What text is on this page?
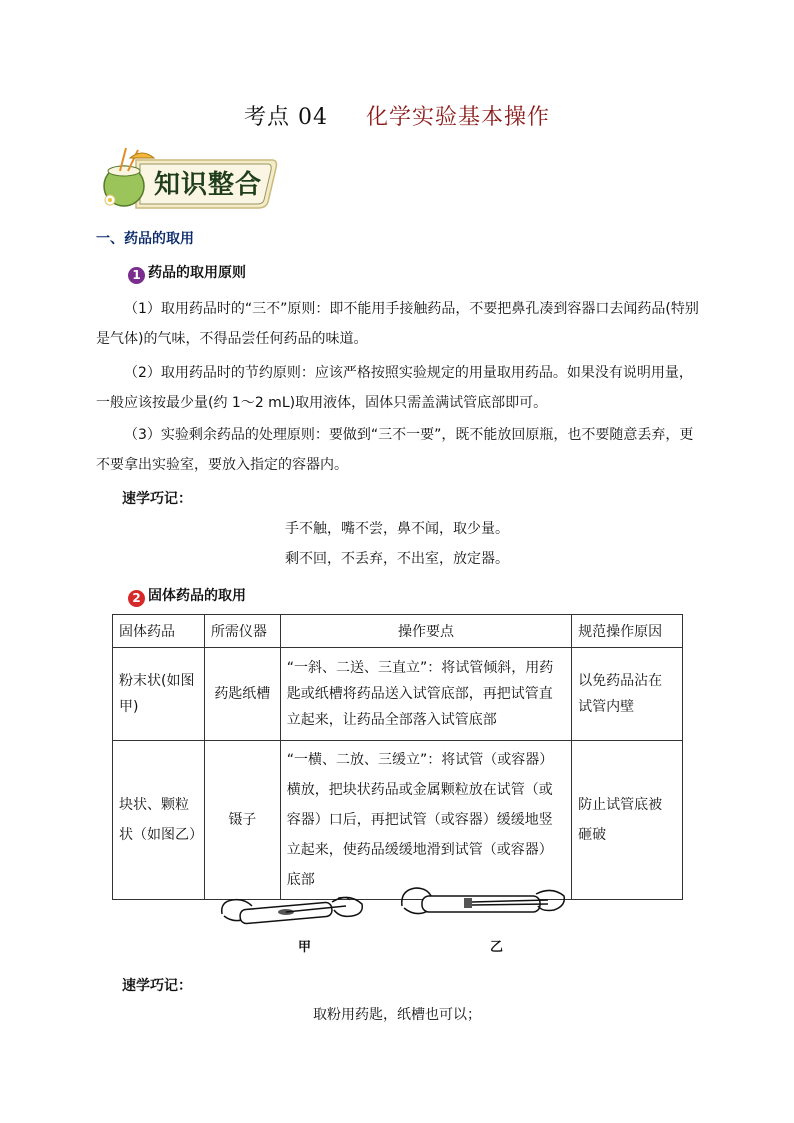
考点 04 化学实验基本操作
知识整合
一、药品的取用
1 药品的取用原则
（1）取用药品时的“三不”原则：即不能用手接触药品，不要把鼻孔凑到容器口去闻药品(特别是气体)的气味，不得品尝任何药品的味道。
（2）取用药品时的节约原则：应该严格按照实验规定的用量取用药品。如果没有说明用量，一般应该按最少量(约 1～2 mL)取用液体，固体只需盖满试管底部即可。
（3）实验剩余药品的处理原则：要做到“三不一要”，既不能放回原瓶，也不要随意丢弃，更不要拿出实验室，要放入指定的容器内。
速学巧记：
手不触，嘴不尝，鼻不闻，取少量。
剩不回，不丢弃，不出室，放定器。
2 固体药品的取用
固体药品	所需仪器	操作要点	规范操作原因
粉末状(如图甲)	药匙纸槽	“一斜、二送、三直立”：将试管倾斜，用药匙或纸槽将药品送入试管底部，再把试管直立起来，让药品全部落入试管底部	以免药品沾在试管内壁
块状、颗粒状（如图乙）	镊子	“一横、二放、三缓立”：将试管（或容器）横放，把块状药品或金属颗粒放在试管（或容器）口后，再把试管（或容器）缓缓地竖立起来，使药品缓缓地滑到试管（或容器）底部	防止试管底被砸破
甲	乙
速学巧记：
取粉用药匙，纸槽也可以；
